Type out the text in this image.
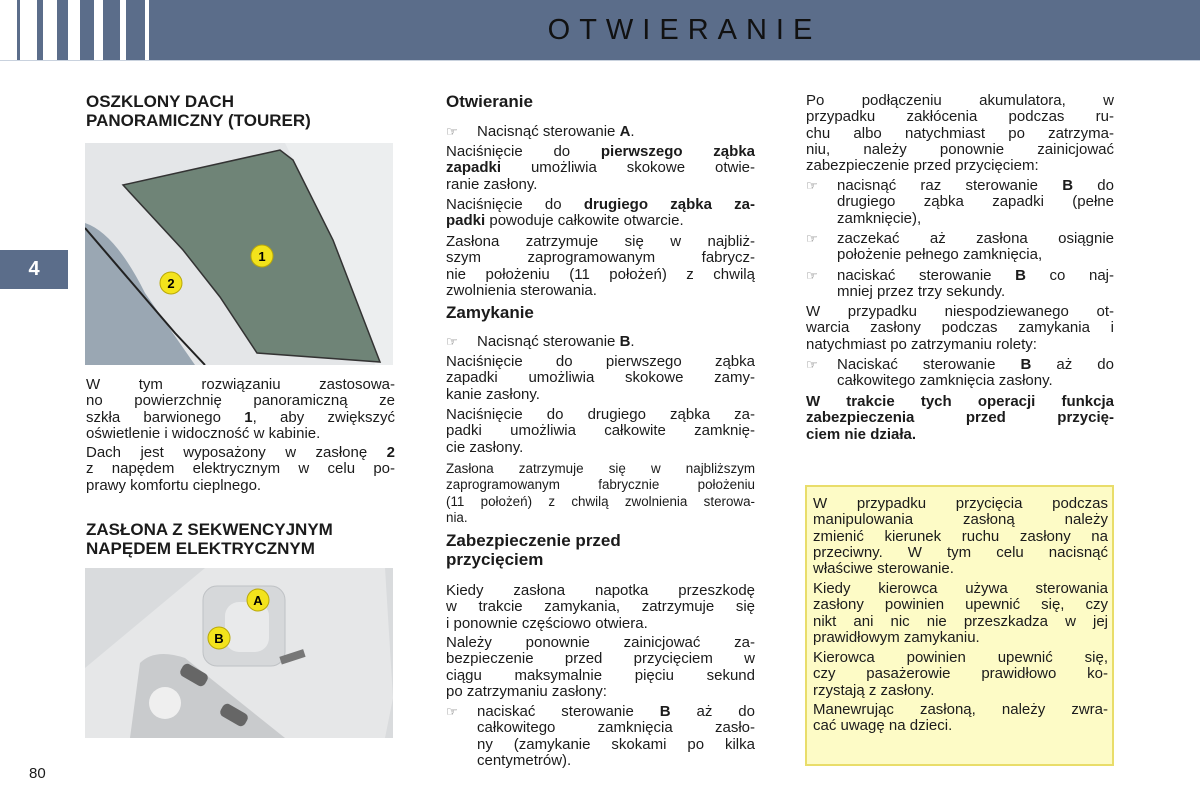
OTWIERANIE
4
OSZKLONY DACH
PANORAMICZNY (TOURER)
1
2
W tym rozwiązaniu zastosowa-
no powierzchnię panoramiczną ze
szkła barwionego 1, aby zwiększyć
oświetlenie i widoczność w kabinie.
Dach jest wyposażony w zasłonę 2
z napędem elektrycznym w celu po-
prawy komfortu cieplnego.
ZASŁONA Z SEKWENCYJNYM
NAPĘDEM ELEKTRYCZNYM
A
B
Otwieranie
☞ Nacisnąć sterowanie A.
Naciśnięcie do pierwszego ząbka
zapadki umożliwia skokowe otwie-
ranie zasłony.
Naciśnięcie do drugiego ząbka za-
padki powoduje całkowite otwarcie.
Zasłona zatrzymuje się w najbliż-
szym zaprogramowanym fabrycz-
nie położeniu (11 położeń) z chwilą
zwolnienia sterowania.
Zamykanie
☞ Nacisnąć sterowanie B.
Naciśnięcie do pierwszego ząbka
zapadki umożliwia skokowe zamy-
kanie zasłony.
Naciśnięcie do drugiego ząbka za-
padki umożliwia całkowite zamknię-
cie zasłony.
Zasłona zatrzymuje się w najbliższym
zaprogramowanym fabrycznie położeniu
(11 położeń) z chwilą zwolnienia sterowa-
nia.
Zabezpieczenie przed
przycięciem
Kiedy zasłona napotka przeszkodę
w trakcie zamykania, zatrzymuje się
i ponownie częściowo otwiera.
Należy ponownie zainicjować za-
bezpieczenie przed przycięciem w
ciągu maksymalnie pięciu sekund
po zatrzymaniu zasłony:
☞ naciskać sterowanie B aż do
całkowitego zamknięcia zasło-
ny (zamykanie skokami po kilka
centymetrów).
Po podłączeniu akumulatora, w
przypadku zakłócenia podczas ru-
chu albo natychmiast po zatrzyma-
niu, należy ponownie zainicjować
zabezpieczenie przed przycięciem:
☞ nacisnąć raz sterowanie B do
drugiego ząbka zapadki (pełne
zamknięcie),
☞ zaczekać aż zasłona osiągnie
położenie pełnego zamknięcia,
☞ naciskać sterowanie B co naj-
mniej przez trzy sekundy.
W przypadku niespodziewanego ot-
warcia zasłony podczas zamykania i
natychmiast po zatrzymaniu rolety:
☞ Naciskać sterowanie B aż do
całkowitego zamknięcia zasłony.
W trakcie tych operacji funkcja
zabezpieczenia przed przycię-
ciem nie działa.
W przypadku przycięcia podczas
manipulowania zasłoną należy
zmienić kierunek ruchu zasłony na
przeciwny. W tym celu nacisnąć
właściwe sterowanie.
Kiedy kierowca używa sterowania
zasłony powinien upewnić się, czy
nikt ani nic nie przeszkadza w jej
prawidłowym zamykaniu.
Kierowca powinien upewnić się,
czy pasażerowie prawidłowo ko-
rzystają z zasłony.
Manewrując zasłoną, należy zwra-
cać uwagę na dzieci.
80
